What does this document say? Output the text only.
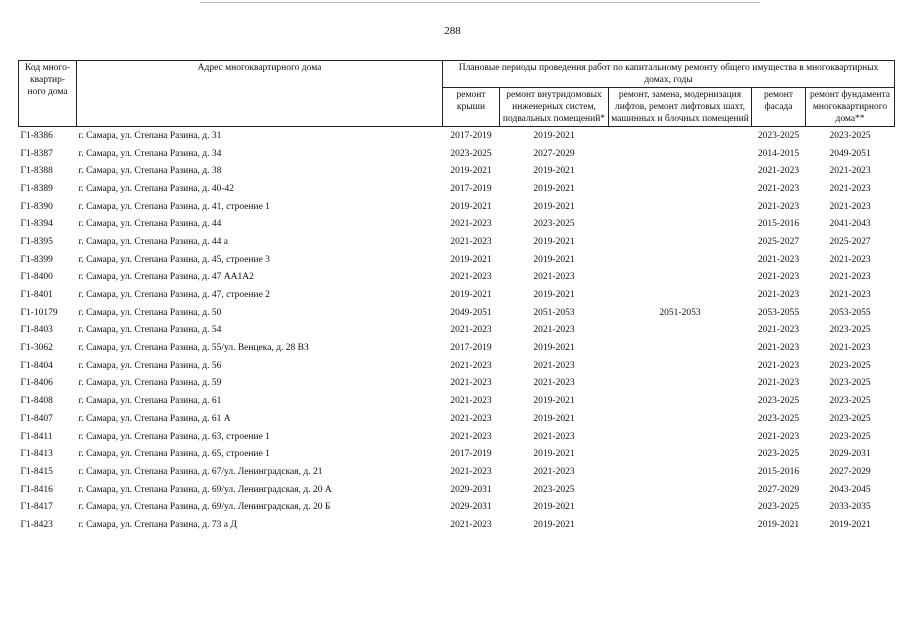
288
Код много-квартир-ного дома	Адрес многоквартирного дома	Плановые периоды проведения работ по капитальному ремонту общего имущества в многоквартирных домах, годы				
		ремонт крыши	ремонт внутридомовых инженерных систем, подвальных помещений*	ремонт, замена, модернизация лифтов, ремонт лифтовых шахт, машинных и блочных помещений	ремонт фасада	ремонт фундамента многоквартирного дома**
Г1-8386	г. Самара, ул. Степана Разина, д. 31	2017-2019	2019-2021		2023-2025	2023-2025
Г1-8387	г. Самара, ул. Степана Разина, д. 34	2023-2025	2027-2029		2014-2015	2049-2051
Г1-8388	г. Самара, ул. Степана Разина, д. 38	2019-2021	2019-2021		2021-2023	2021-2023
Г1-8389	г. Самара, ул. Степана Разина, д. 40-42	2017-2019	2019-2021		2021-2023	2021-2023
Г1-8390	г. Самара, ул. Степана Разина, д. 41, строение 1	2019-2021	2019-2021		2021-2023	2021-2023
Г1-8394	г. Самара, ул. Степана Разина, д. 44	2021-2023	2023-2025		2015-2016	2041-2043
Г1-8395	г. Самара, ул. Степана Разина, д. 44 а	2021-2023	2019-2021		2025-2027	2025-2027
Г1-8399	г. Самара, ул. Степана Разина, д. 45, строение 3	2019-2021	2019-2021		2021-2023	2021-2023
Г1-8400	г. Самара, ул. Степана Разина, д. 47 АА1А2	2021-2023	2021-2023		2021-2023	2021-2023
Г1-8401	г. Самара, ул. Степана Разина, д. 47, строение 2	2019-2021	2019-2021		2021-2023	2021-2023
Г1-10179	г. Самара, ул. Степана Разина, д. 50	2049-2051	2051-2053	2051-2053	2053-2055	2053-2055
Г1-8403	г. Самара, ул. Степана Разина, д. 54	2021-2023	2021-2023		2021-2023	2023-2025
Г1-3062	г. Самара, ул. Степана Разина, д. 55/ул. Венцека, д. 28 ВЗ	2017-2019	2019-2021		2021-2023	2021-2023
Г1-8404	г. Самара, ул. Степана Разина, д. 56	2021-2023	2021-2023		2021-2023	2023-2025
Г1-8406	г. Самара, ул. Степана Разина, д. 59	2021-2023	2021-2023		2021-2023	2023-2025
Г1-8408	г. Самара, ул. Степана Разина, д. 61	2021-2023	2019-2021		2023-2025	2023-2025
Г1-8407	г. Самара, ул. Степана Разина, д. 61 А	2021-2023	2019-2021		2023-2025	2023-2025
Г1-8411	г. Самара, ул. Степана Разина, д. 63, строение 1	2021-2023	2021-2023		2021-2023	2023-2025
Г1-8413	г. Самара, ул. Степана Разина, д. 65, строение 1	2017-2019	2019-2021		2023-2025	2029-2031
Г1-8415	г. Самара, ул. Степана Разина, д. 67/ул. Ленинградская, д. 21	2021-2023	2021-2023		2015-2016	2027-2029
Г1-8416	г. Самара, ул. Степана Разина, д. 69/ул. Ленинградская, д. 20 А	2029-2031	2023-2025		2027-2029	2043-2045
Г1-8417	г. Самара, ул. Степана Разина, д. 69/ул. Ленинградская, д. 20 Б	2029-2031	2019-2021		2023-2025	2033-2035
Г1-8423	г. Самара, ул. Степана Разина, д. 73 а Д	2021-2023	2019-2021		2019-2021	2019-2021
